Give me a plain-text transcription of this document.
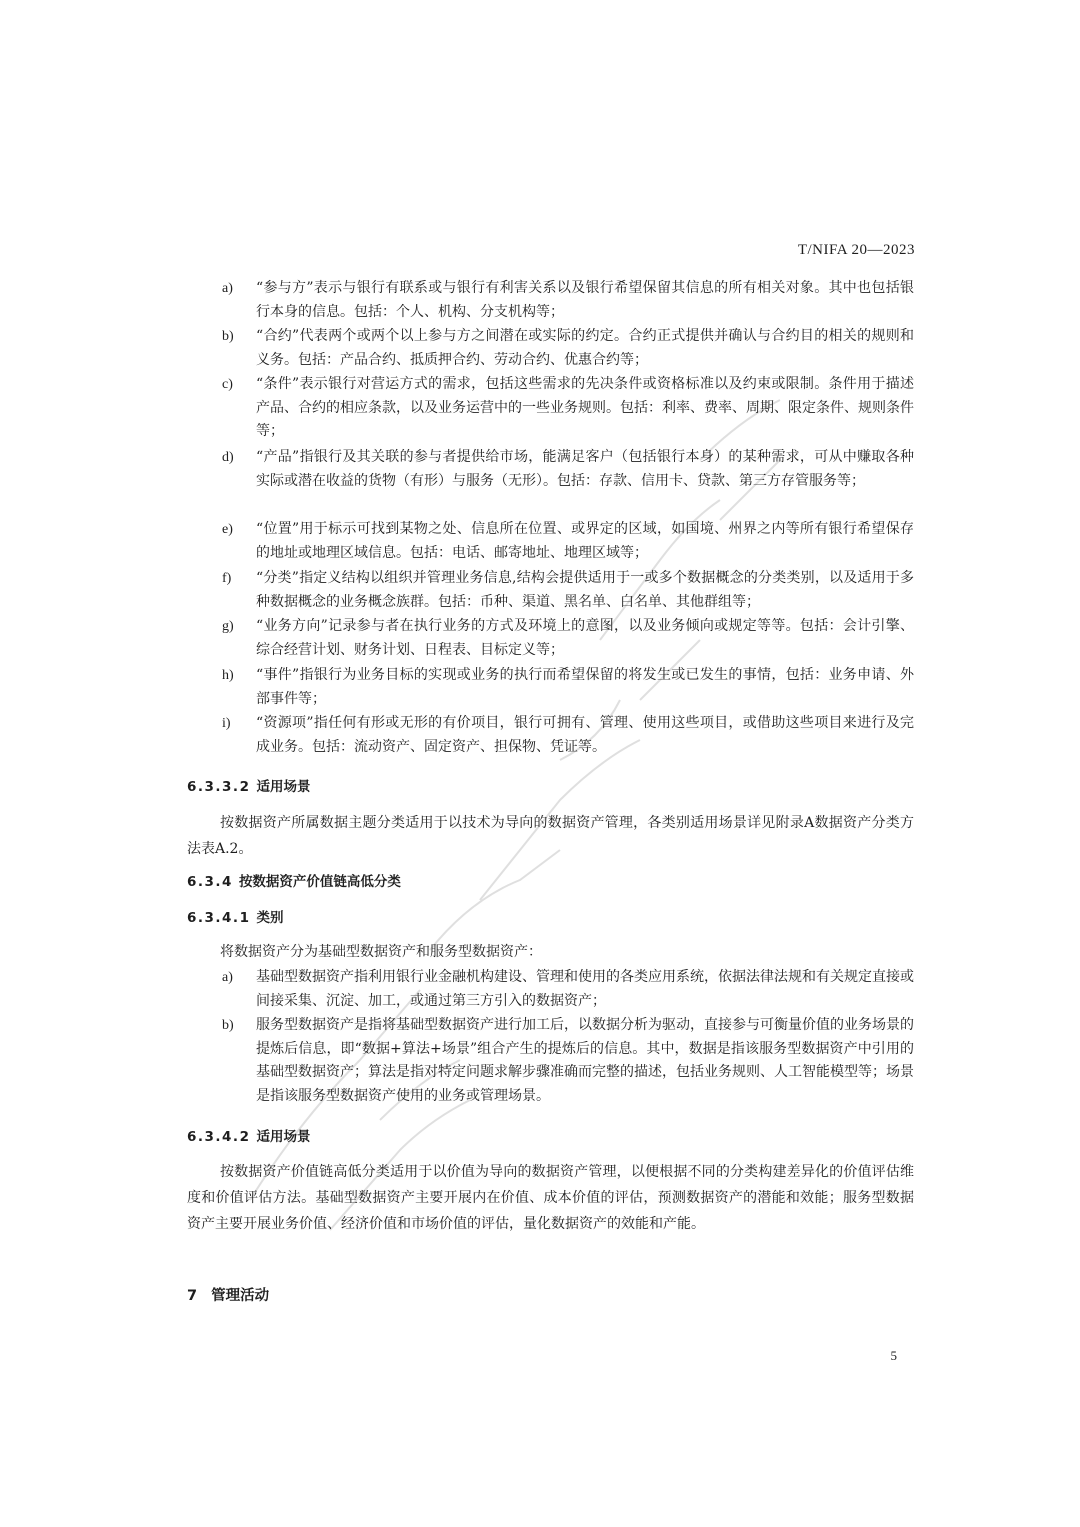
T/NIFA 20—2023
a)	“参与方”表示与银行有联系或与银行有利害关系以及银行希望保留其信息的所有相关对象。其中也包括银行本身的信息。包括：个人、机构、分支机构等；
b)	“合约”代表两个或两个以上参与方之间潜在或实际的约定。合约正式提供并确认与合约目的相关的规则和义务。包括：产品合约、抵质押合约、劳动合约、优惠合约等；
c)	“条件”表示银行对营运方式的需求，包括这些需求的先决条件或资格标准以及约束或限制。条件用于描述产品、合约的相应条款，以及业务运营中的一些业务规则。包括：利率、费率、周期、限定条件、规则条件等；
d)	“产品”指银行及其关联的参与者提供给市场，能满足客户（包括银行本身）的某种需求，可从中赚取各种实际或潜在收益的货物（有形）与服务（无形）。包括：存款、信用卡、贷款、第三方存管服务等；
e)	“位置”用于标示可找到某物之处、信息所在位置、或界定的区域，如国境、州界之内等所有银行希望保存的地址或地理区域信息。包括：电话、邮寄地址、地理区域等；
f)	“分类”指定义结构以组织并管理业务信息,结构会提供适用于一或多个数据概念的分类类别，以及适用于多种数据概念的业务概念族群。包括：币种、渠道、黑名单、白名单、其他群组等；
g)	“业务方向”记录参与者在执行业务的方式及环境上的意图，以及业务倾向或规定等等。包括：会计引擎、综合经营计划、财务计划、日程表、目标定义等；
h)	“事件”指银行为业务目标的实现或业务的执行而希望保留的将发生或已发生的事情，包括：业务申请、外部事件等；
i)	“资源项”指任何有形或无形的有价项目，银行可拥有、管理、使用这些项目，或借助这些项目来进行及完成业务。包括：流动资产、固定资产、担保物、凭证等。
6.3.3.2 适用场景
按数据资产所属数据主题分类适用于以技术为导向的数据资产管理，各类别适用场景详见附录A数据资产分类方法表A.2。
6.3.4 按数据资产价值链高低分类
6.3.4.1 类别
将数据资产分为基础型数据资产和服务型数据资产：
a)	基础型数据资产指利用银行业金融机构建设、管理和使用的各类应用系统，依据法律法规和有关规定直接或间接采集、沉淀、加工，或通过第三方引入的数据资产；
b)	服务型数据资产是指将基础型数据资产进行加工后，以数据分析为驱动，直接参与可衡量价值的业务场景的提炼后信息，即“数据+算法+场景”组合产生的提炼后的信息。其中，数据是指该服务型数据资产中引用的基础型数据资产；算法是指对特定问题求解步骤准确而完整的描述，包括业务规则、人工智能模型等；场景是指该服务型数据资产使用的业务或管理场景。
6.3.4.2 适用场景
按数据资产价值链高低分类适用于以价值为导向的数据资产管理，以便根据不同的分类构建差异化的价值评估维度和价值评估方法。基础型数据资产主要开展内在价值、成本价值的评估，预测数据资产的潜能和效能；服务型数据资产主要开展业务价值、经济价值和市场价值的评估，量化数据资产的效能和产能。
7 管理活动
5
